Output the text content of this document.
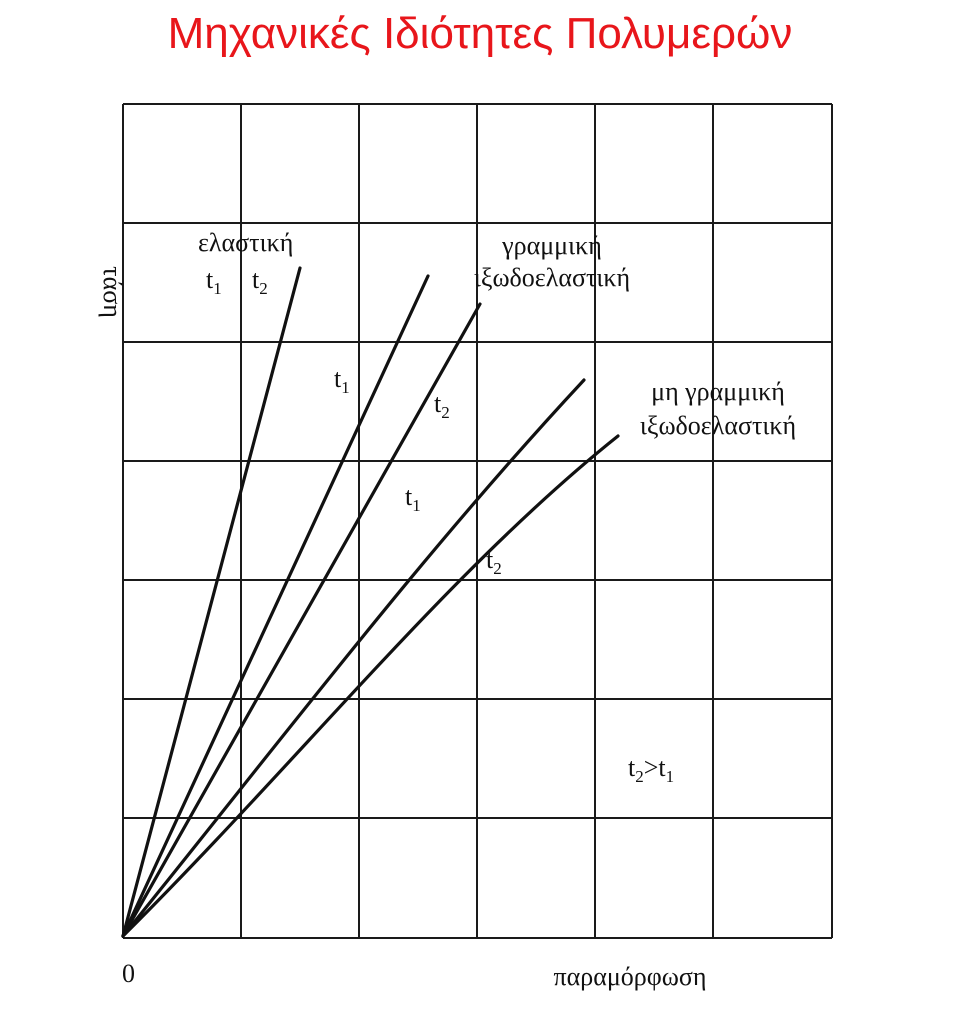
Μηχανικές Ιδιότητες Πολυμερών
τάση
παραμόρφωση
0
ελαστική
$t_1$ $t_2$
γραμμική
ιξωδοελαστική
$t_1$
$t_2$
μη γραμμική
ιξωδοελαστική
$t_1$
$t_2$
$t_2>t_1$
